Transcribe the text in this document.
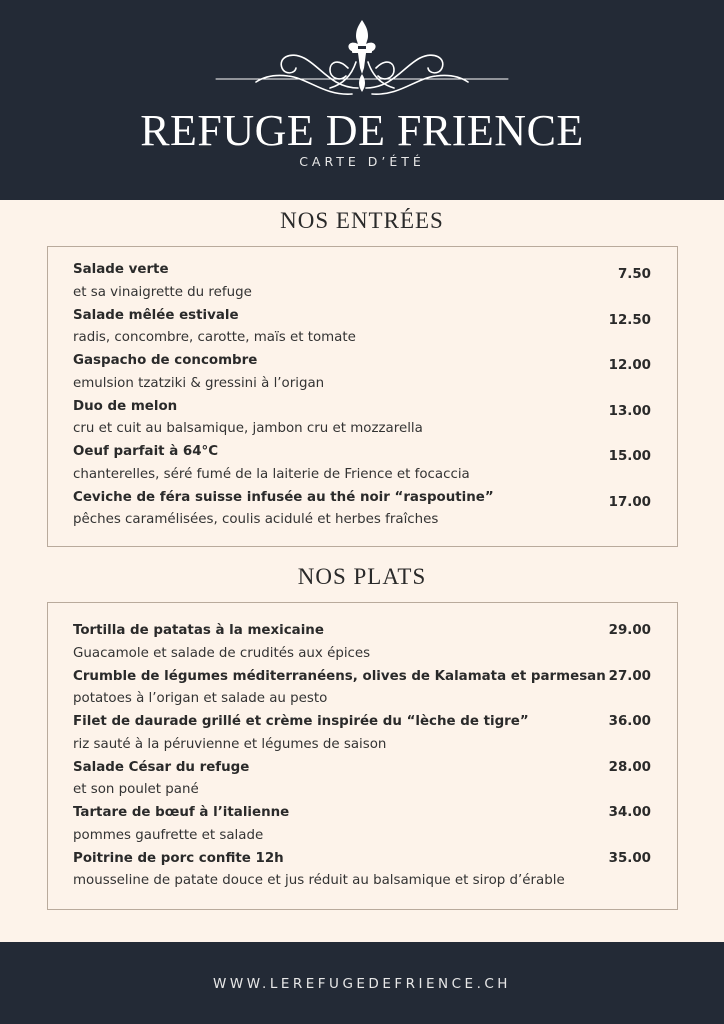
REFUGE DE FRIENCE
CARTE D’ÉTÉ
NOS ENTRÉES
Salade verte
et sa vinaigrette du refuge
7.50
Salade mêlée estivale
radis, concombre, carotte, maïs et tomate
12.50
Gaspacho de concombre
emulsion tzatziki & gressini à l’origan
12.00
Duo de melon
cru et cuit au balsamique, jambon cru et mozzarella
13.00
Oeuf parfait à 64°C
chanterelles, séré fumé de la laiterie de Frience et focaccia
15.00
Ceviche de féra suisse infusée au thé noir “raspoutine”
pêches caramélisées, coulis acidulé et herbes fraîches
17.00
NOS PLATS
Tortilla de patatas à la mexicaine
Guacamole et salade de crudités aux épices
29.00
Crumble de légumes méditerranéens, olives de Kalamata et parmesan
potatoes à l’origan et salade au pesto
27.00
Filet de daurade grillé et crème inspirée du “lèche de tigre”
riz sauté à la péruvienne et légumes de saison
36.00
Salade César du refuge
et son poulet pané
28.00
Tartare de bœuf à l’italienne
pommes gaufrette et salade
34.00
Poitrine de porc confite 12h
mousseline de patate douce et jus réduit au balsamique et sirop d’érable
35.00
WWW.LEREFUGEDEFRIENCE.CH
